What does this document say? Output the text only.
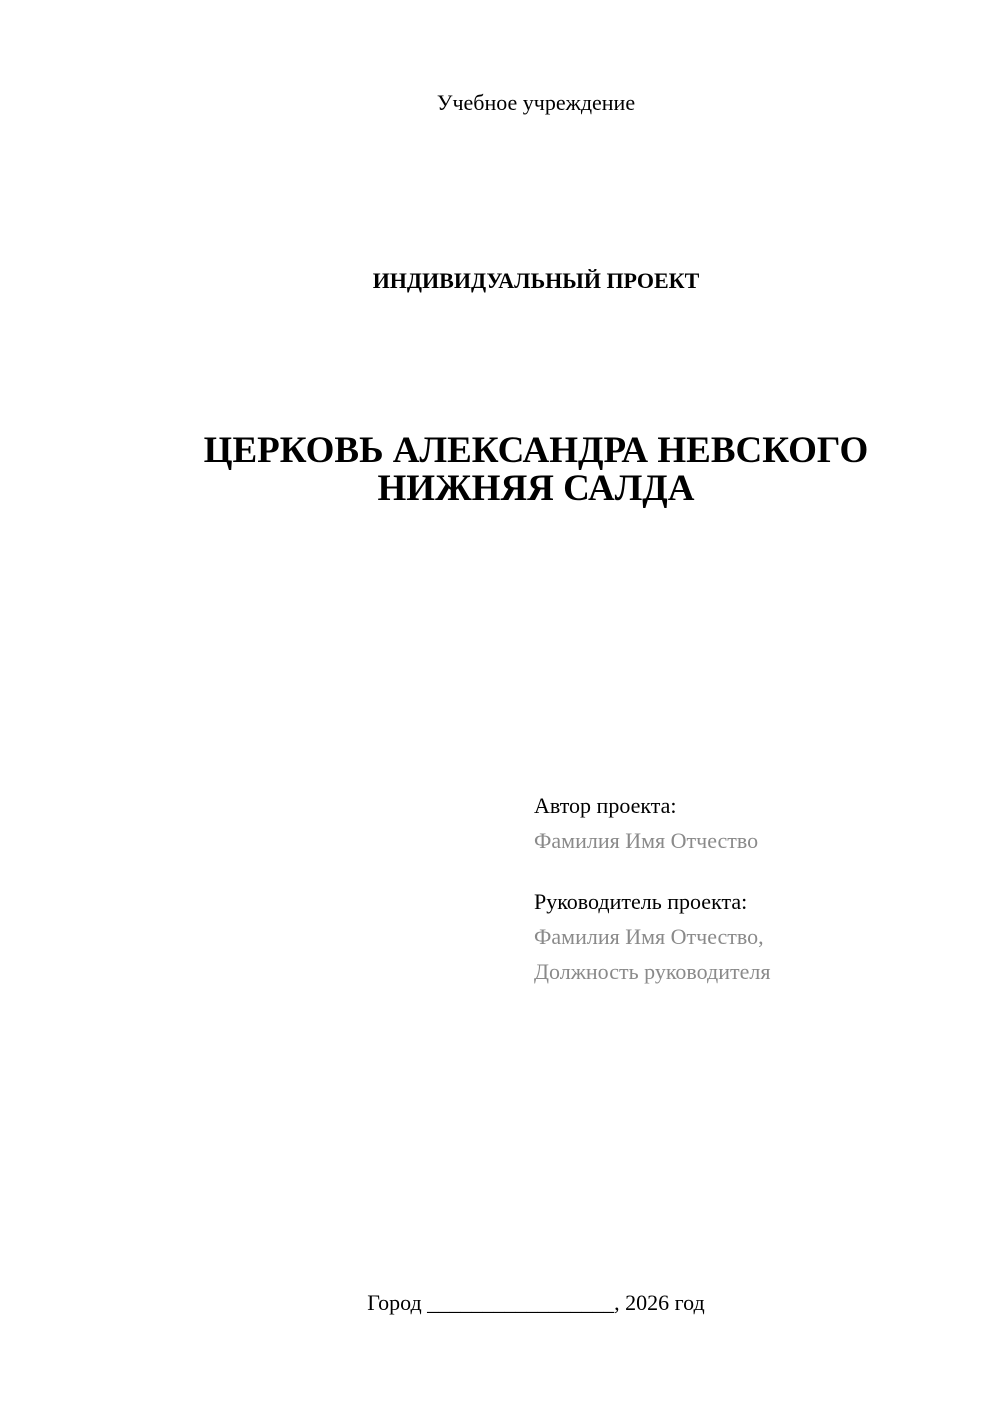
Учебное учреждение
ИНДИВИДУАЛЬНЫЙ ПРОЕКТ
ЦЕРКОВЬ АЛЕКСАНДРА НЕВСКОГО
НИЖНЯЯ САЛДА
Автор проекта:
Фамилия Имя Отчество
Руководитель проекта:
Фамилия Имя Отчество,
Должность руководителя
Город _________________, 2026 год
